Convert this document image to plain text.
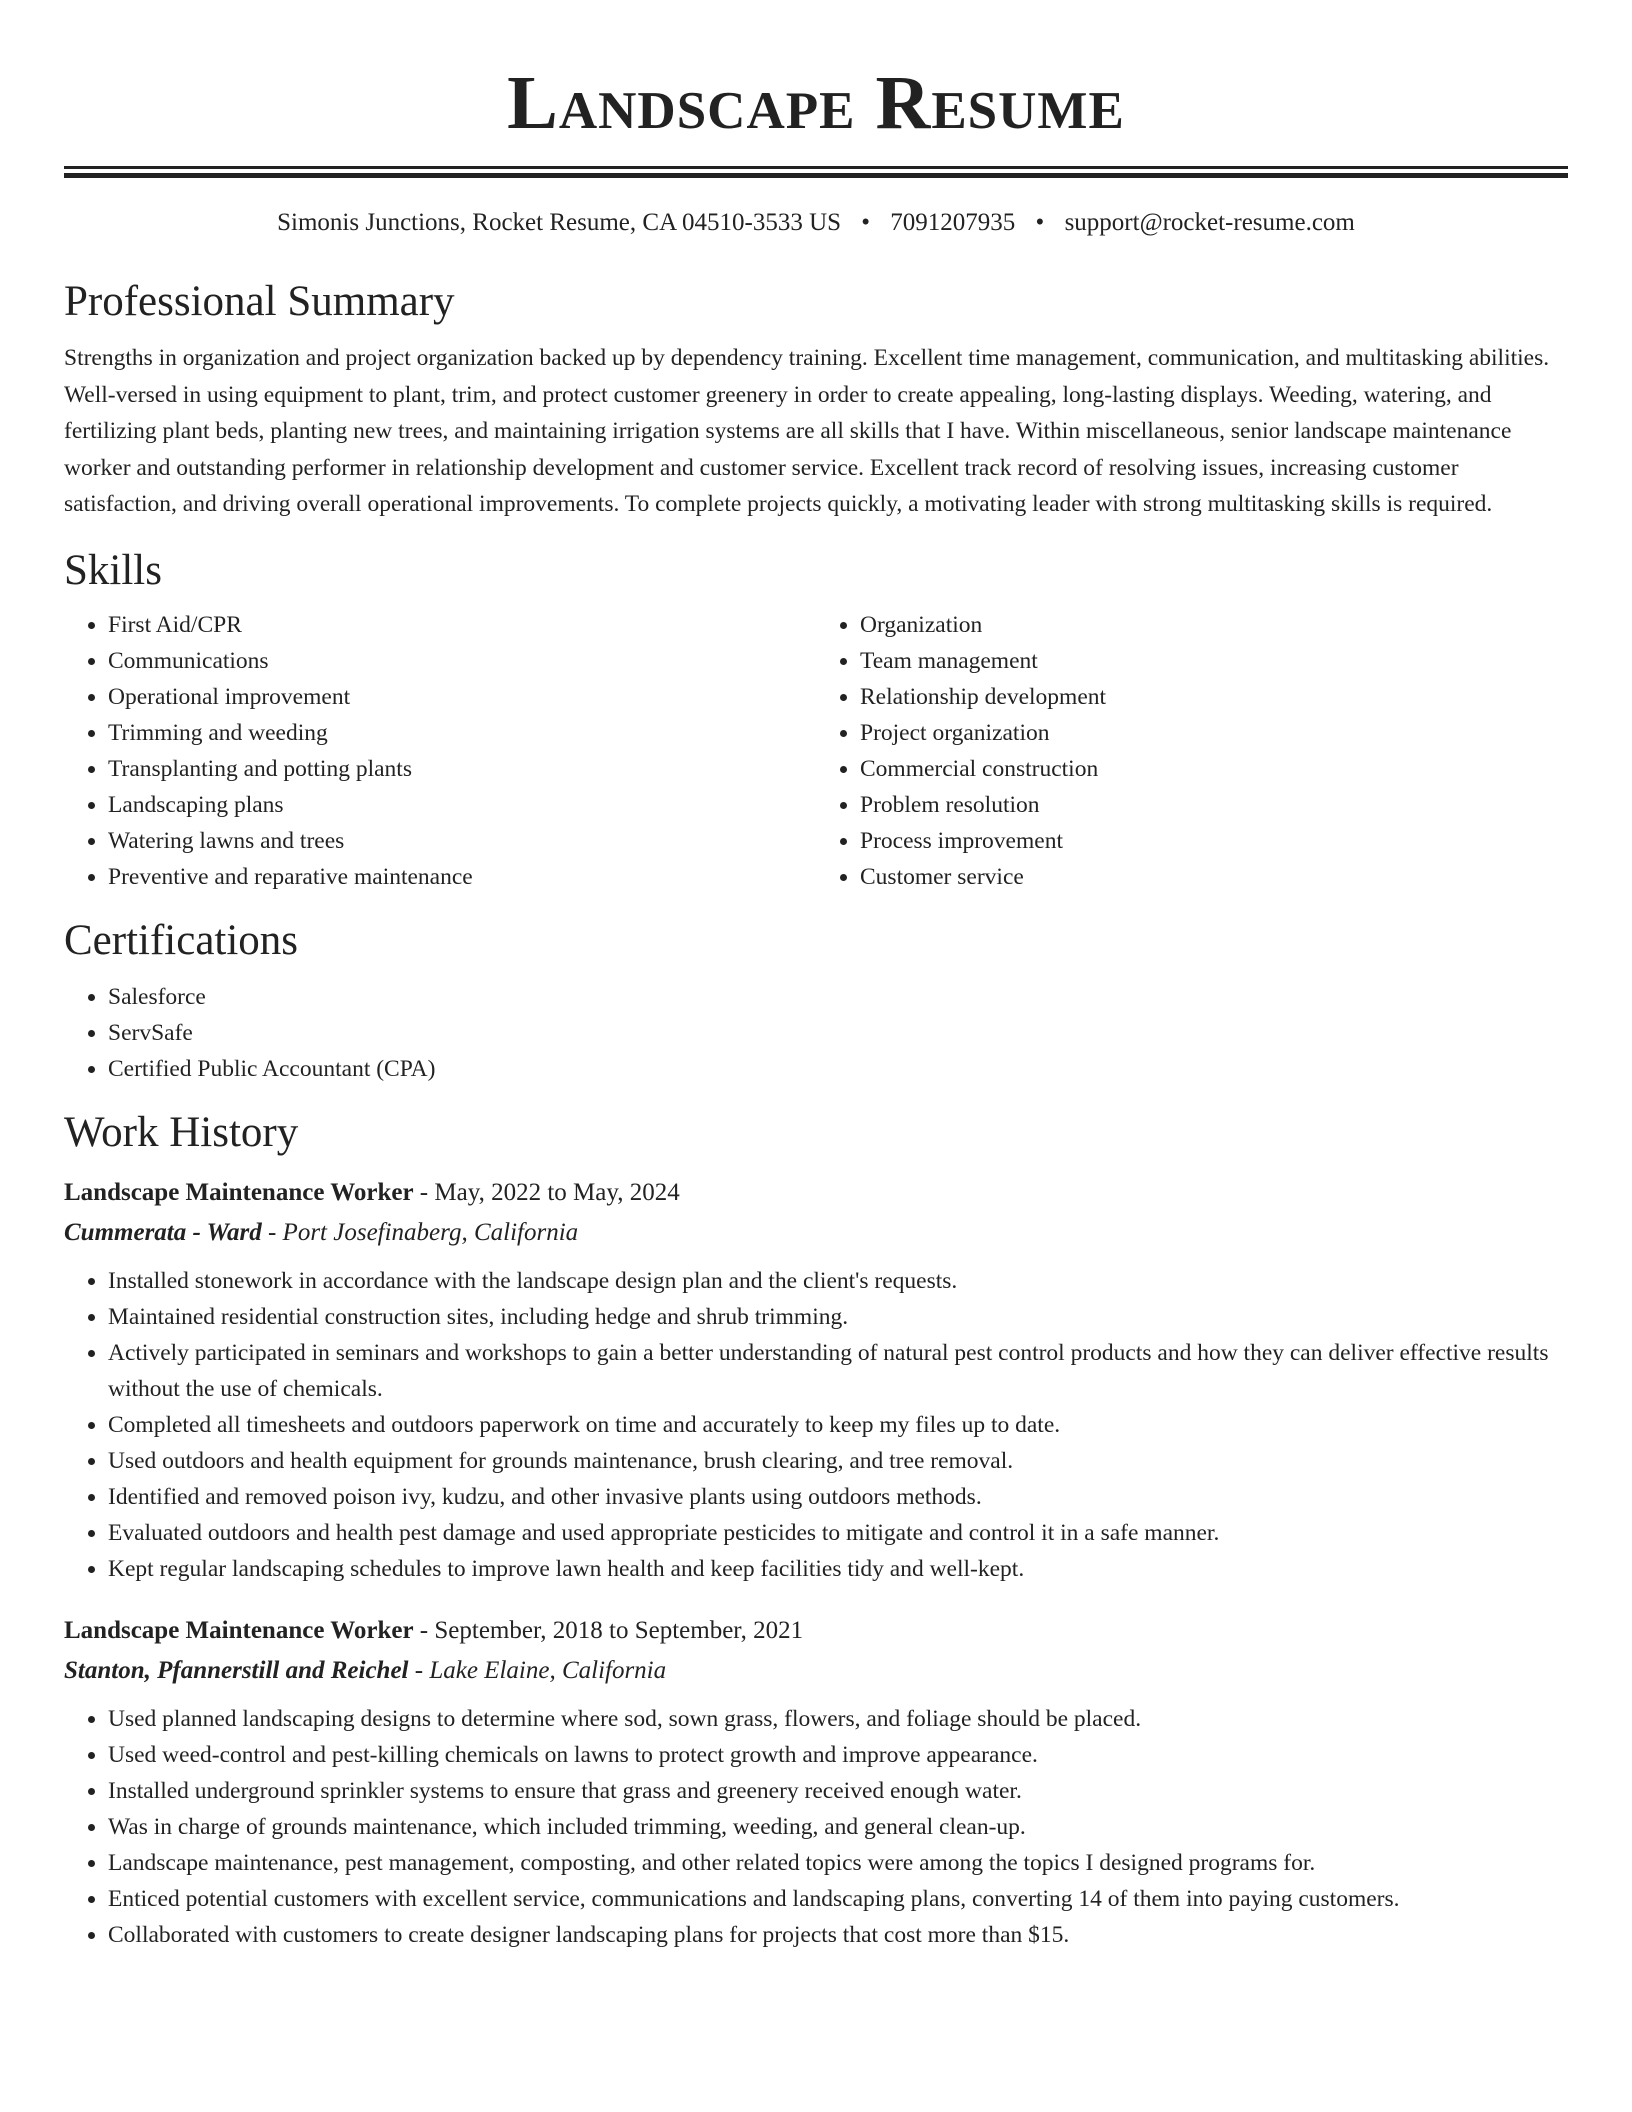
Landscape Resume
Simonis Junctions, Rocket Resume, CA 04510-3533 US • 7091207935 • support@rocket-resume.com
Professional Summary

Strengths in organization and project organization backed up by dependency training. Excellent time management, communication, and multitasking abilities. Well-versed in using equipment to plant, trim, and protect customer greenery in order to create appealing, long-lasting displays. Weeding, watering, and fertilizing plant beds, planting new trees, and maintaining irrigation systems are all skills that I have. Within miscellaneous, senior landscape maintenance worker and outstanding performer in relationship development and customer service. Excellent track record of resolving issues, increasing customer satisfaction, and driving overall operational improvements. To complete projects quickly, a motivating leader with strong multitasking skills is required.

Skills
• First Aid/CPR
• Communications
• Operational improvement
• Trimming and weeding
• Transplanting and potting plants
• Landscaping plans
• Watering lawns and trees
• Preventive and reparative maintenance
• Organization
• Team management
• Relationship development
• Project organization
• Commercial construction
• Problem resolution
• Process improvement
• Customer service
Certifications
• Salesforce
• ServSafe
• Certified Public Accountant (CPA)
Work History
Landscape Maintenance Worker - May, 2022 to May, 2024
Cummerata - Ward - Port Josefinaberg, California
• Installed stonework in accordance with the landscape design plan and the client's requests.
• Maintained residential construction sites, including hedge and shrub trimming.
• Actively participated in seminars and workshops to gain a better understanding of natural pest control products and how they can deliver effective results without the use of chemicals.
• Completed all timesheets and outdoors paperwork on time and accurately to keep my files up to date.
• Used outdoors and health equipment for grounds maintenance, brush clearing, and tree removal.
• Identified and removed poison ivy, kudzu, and other invasive plants using outdoors methods.
• Evaluated outdoors and health pest damage and used appropriate pesticides to mitigate and control it in a safe manner.
• Kept regular landscaping schedules to improve lawn health and keep facilities tidy and well-kept.
Landscape Maintenance Worker - September, 2018 to September, 2021
Stanton, Pfannerstill and Reichel - Lake Elaine, California
• Used planned landscaping designs to determine where sod, sown grass, flowers, and foliage should be placed.
• Used weed-control and pest-killing chemicals on lawns to protect growth and improve appearance.
• Installed underground sprinkler systems to ensure that grass and greenery received enough water.
• Was in charge of grounds maintenance, which included trimming, weeding, and general clean-up.
• Landscape maintenance, pest management, composting, and other related topics were among the topics I designed programs for.
• Enticed potential customers with excellent service, communications and landscaping plans, converting 14 of them into paying customers.
• Collaborated with customers to create designer landscaping plans for projects that cost more than $15.
